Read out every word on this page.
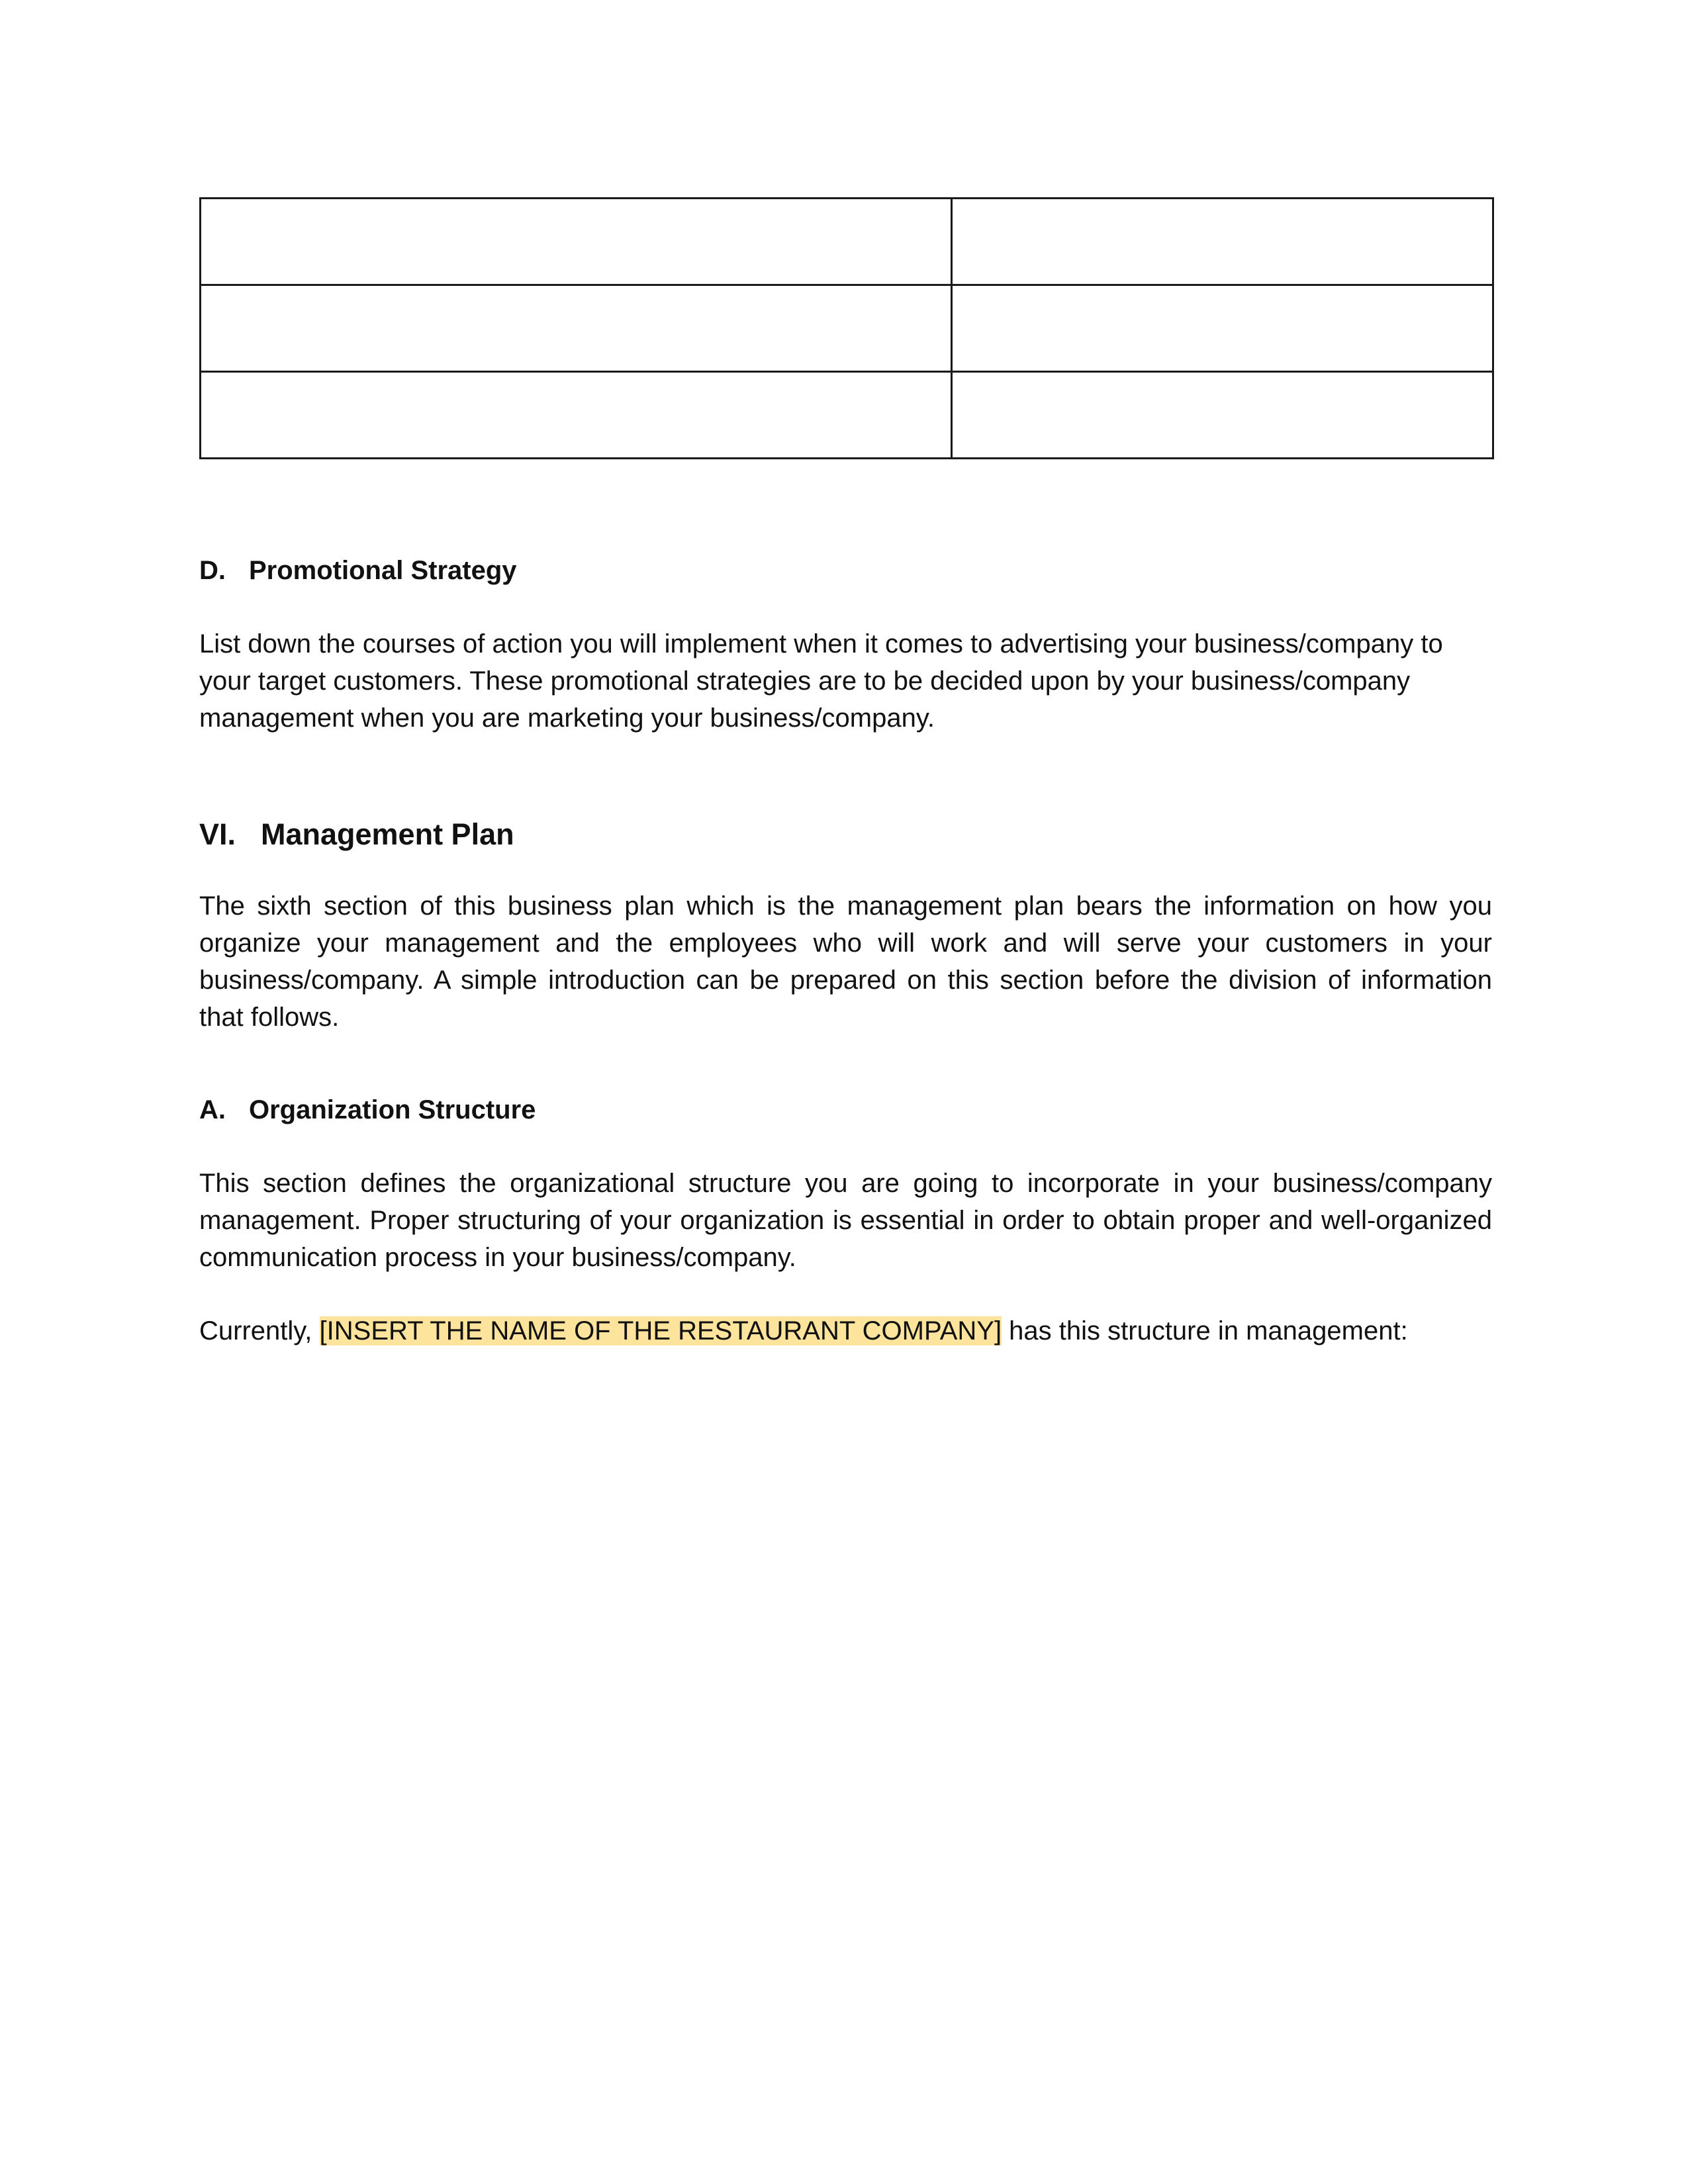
D. Promotional Strategy

List down the courses of action you will implement when it comes to advertising your business/company to your target customers. These promotional strategies are to be decided upon by your business/company management when you are marketing your business/company.

VI. Management Plan

The sixth section of this business plan which is the management plan bears the information on how you organize your management and the employees who will work and will serve your customers in your business/company. A simple introduction can be prepared on this section before the division of information that follows.

A. Organization Structure

This section defines the organizational structure you are going to incorporate in your business/company management. Proper structuring of your organization is essential in order to obtain proper and well-organized communication process in your business/company.

Currently, [INSERT THE NAME OF THE RESTAURANT COMPANY] has this structure in management:
